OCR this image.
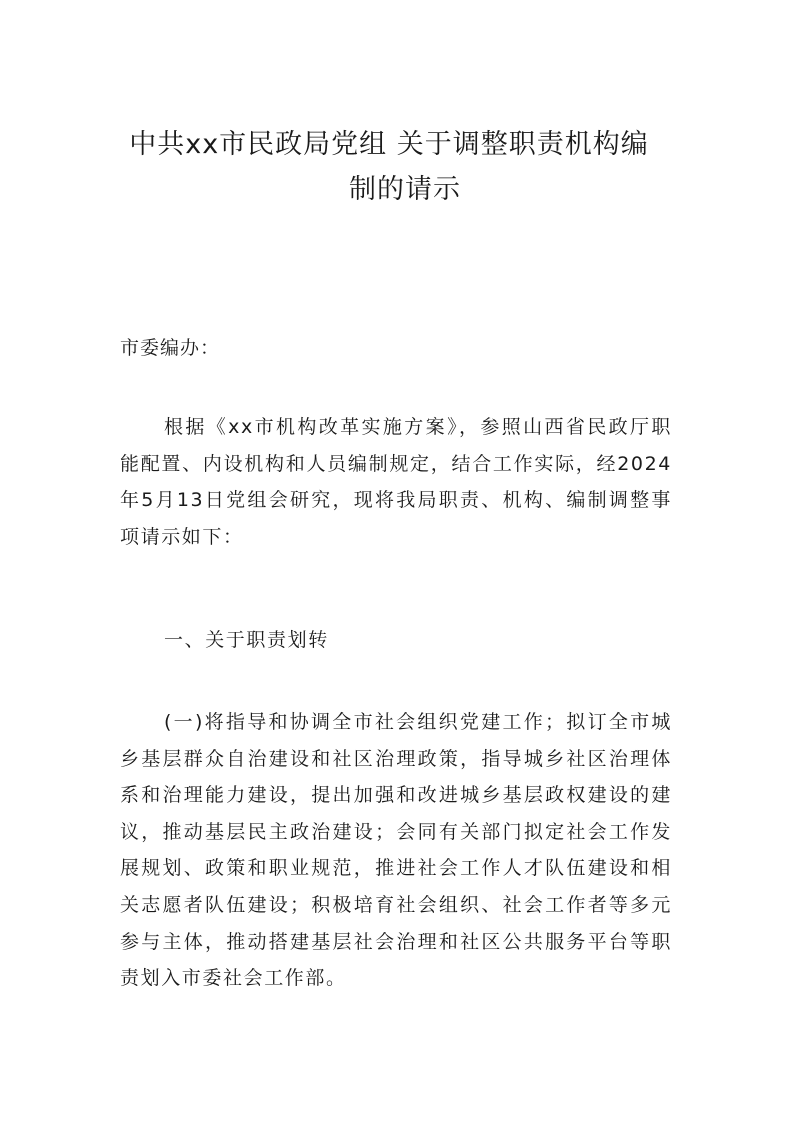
中共xx市民政局党组 关于调整职责机构编
制的请示

市委编办：

根据《xx市机构改革实施方案》，参照山西省民政厅职能配置、内设机构和人员编制规定，结合工作实际，经2024年5月13日党组会研究，现将我局职责、机构、编制调整事项请示如下：

一、关于职责划转

(一)将指导和协调全市社会组织党建工作；拟订全市城乡基层群众自治建设和社区治理政策，指导城乡社区治理体系和治理能力建设，提出加强和改进城乡基层政权建设的建议，推动基层民主政治建设；会同有关部门拟定社会工作发展规划、政策和职业规范，推进社会工作人才队伍建设和相关志愿者队伍建设；积极培育社会组织、社会工作者等多元参与主体，推动搭建基层社会治理和社区公共服务平台等职责划入市委社会工作部。
